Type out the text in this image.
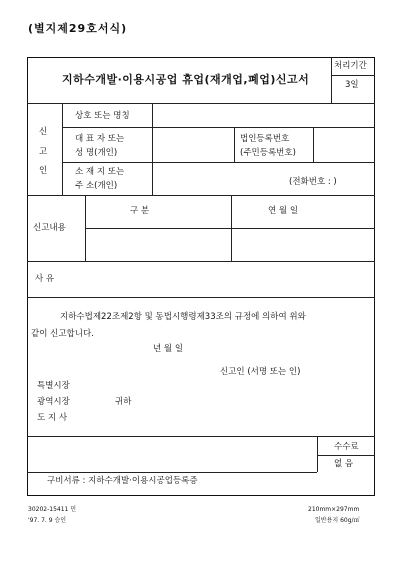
(별지제29호서식)
지하수개발·이용시공업 휴업(재개업,폐업)신고서
처리기간
3일
신
고
인
상호 또는 명칭
대 표 자 또는
성 명(개인)
법인등록번호
(주민등록번호)
소 재 지 또는
주 소(개인)	(전화번호 : )
신고내용
구 분	연 월 일
사 유
지하수법제22조제2항 및 동법시행령제33조의 규정에 의하여 위와
같이 신고합니다.
년 월 일
신고인 (서명 또는 인)
특별시장
광역시장
도 지 사
귀하
수수료
없 음
구비서류 : 지하수개발·이용시공업등록증
30202-15411 민
'97. 7. 9 승인
210mm×297mm
일반용지 60g/㎡
